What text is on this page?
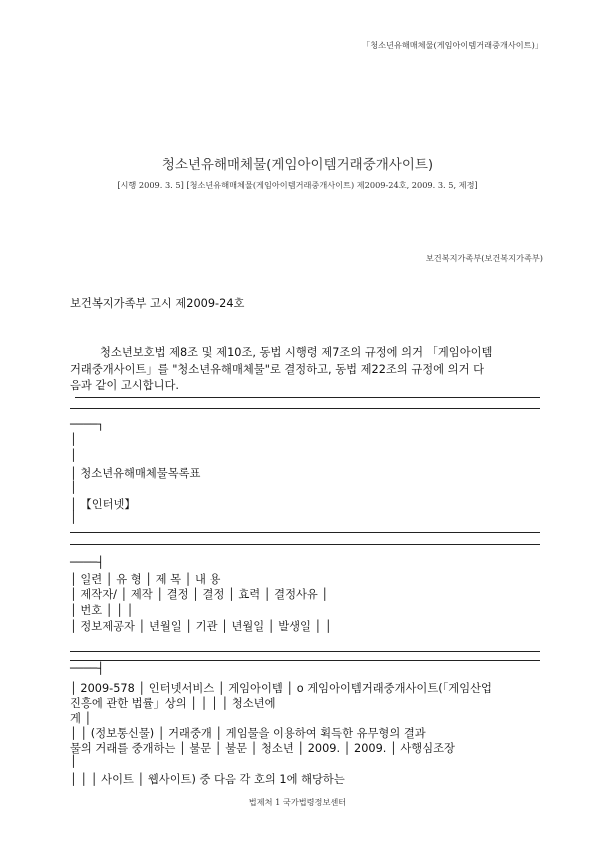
「청소년유해매체물(게임아이템거래중개사이트)」
청소년유해매체물(게임아이템거래중개사이트)
[시행 2009. 3. 5] [청소년유해매체물(게임아이템거래중개사이트) 제2009-24호, 2009. 3. 5, 제정]
보건복지가족부(보건복지가족부)
보건복지가족부 고시 제2009-24호
청소년보호법 제8조 및 제10조, 동법 시행령 제7조의 규정에 의거 「게임아이템
거래중개사이트」를 "청소년유해매체물"로 결정하고, 동법 제22조의 규정에 의거 다
음과 같이 고시합니다.
────┐
│
│
│ 청소년유해매체물목록표
│
│ 【인터넷】
│
────┤
│ 일련 │ 유 형 │ 제 목 │ 내 용
│ 제작자/ │ 제작 │ 결정 │ 결정 │ 효력 │ 결정사유 │
│ 번호 │ │ │
│ 정보제공자 │ 년월일 │ 기관 │ 년월일 │ 발생일 │ │
────┤
│ 2009-578 │ 인터넷서비스 │ 게임아이템 │ o 게임아이템거래중개사이트(「게임산업
진흥에 관한 법률」상의 │ │ │ │ 청소년에
게 │
│ │ (정보통신물) │ 거래중개 │ 게임물을 이용하여 획득한 유무형의 결과
물의 거래를 중개하는 │ 불문 │ 불문 │ 청소년 │ 2009. │ 2009. │ 사행심조장
│
│ │ │ 사이트 │ 웹사이트) 중 다음 각 호의 1에 해당하는
법제처 1 국가법령정보센터
